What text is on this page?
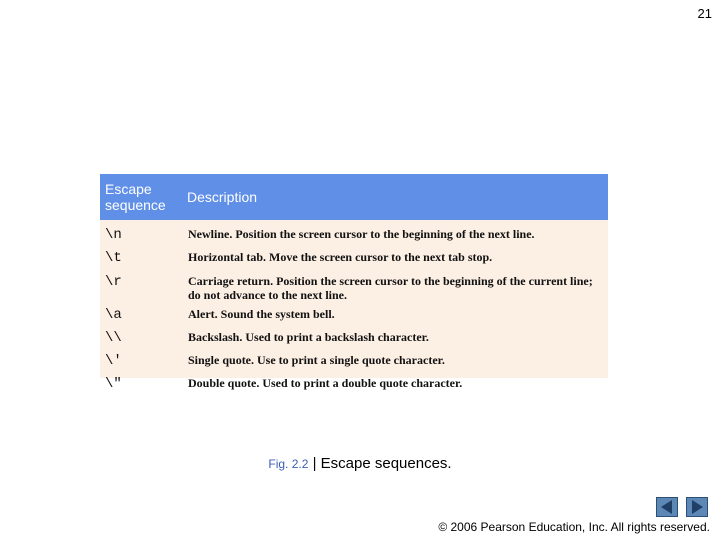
21
Escape
sequence	Description
\n	Newline. Position the screen cursor to the beginning of the next line.
\t	Horizontal tab. Move the screen cursor to the next tab stop.
\r	Carriage return. Position the screen cursor to the beginning of the current line; do not advance to the next line.
\a	Alert. Sound the system bell.
\\	Backslash. Used to print a backslash character.
\'	Single quote. Use to print a single quote character.
\"	Double quote. Used to print a double quote character.
Fig. 2.2 | Escape sequences.
© 2006 Pearson Education, Inc. All rights reserved.
